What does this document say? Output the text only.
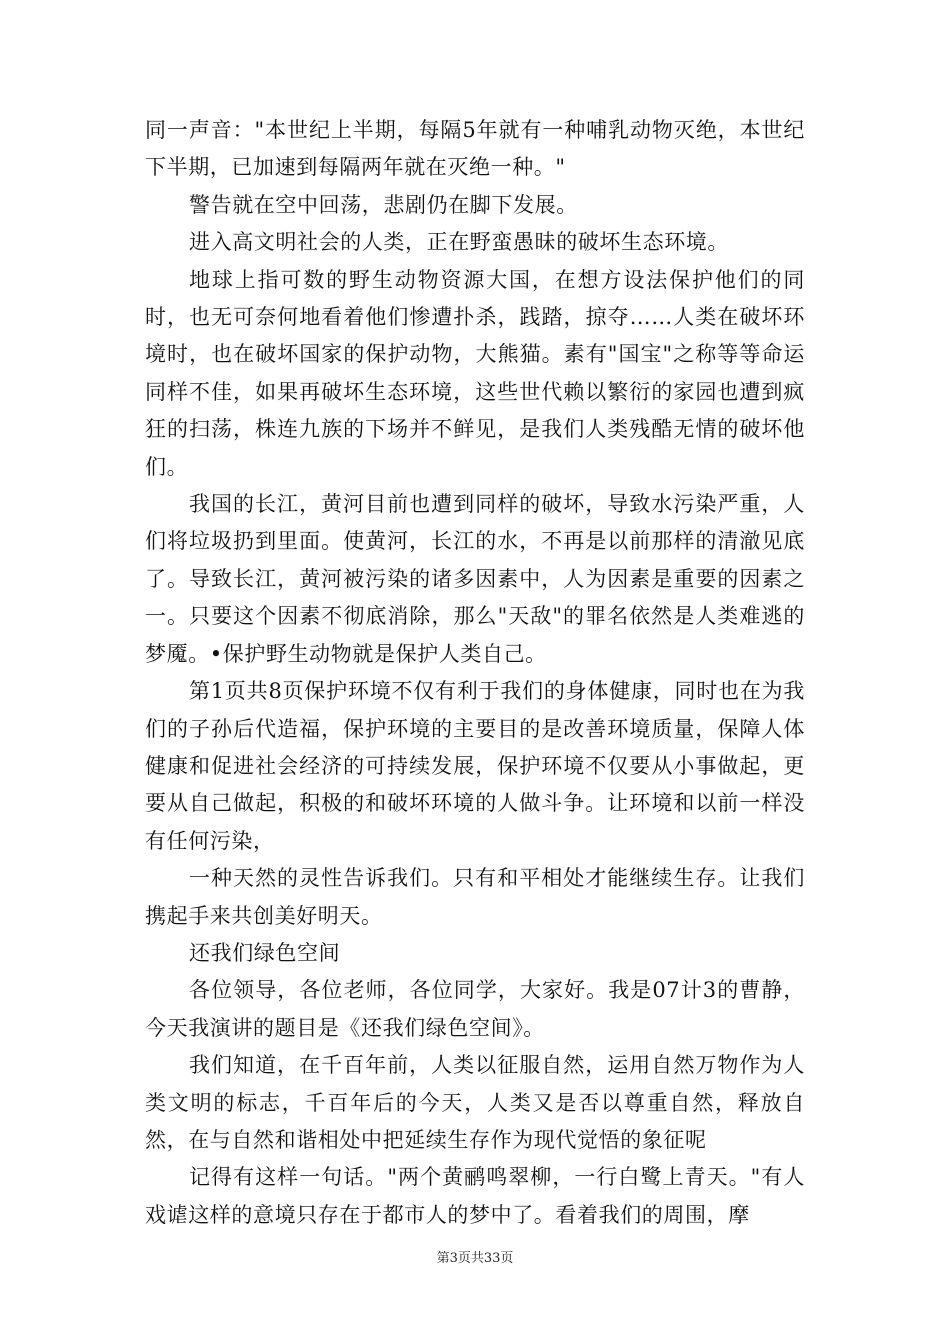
同一声音："本世纪上半期，每隔5年就有一种哺乳动物灭绝，本世纪下半期，已加速到每隔两年就在灭绝一种。"

警告就在空中回荡，悲剧仍在脚下发展。

进入高文明社会的人类，正在野蛮愚昧的破坏生态环境。

地球上指可数的野生动物资源大国，在想方设法保护他们的同时，也无可奈何地看着他们惨遭扑杀，践踏，掠夺……人类在破坏环境时，也在破坏国家的保护动物，大熊猫。素有"国宝"之称等等命运同样不佳，如果再破坏生态环境，这些世代赖以繁衍的家园也遭到疯狂的扫荡，株连九族的下场并不鲜见，是我们人类残酷无情的破坏他们。

我国的长江，黄河目前也遭到同样的破坏，导致水污染严重，人们将垃圾扔到里面。使黄河，长江的水，不再是以前那样的清澈见底了。导致长江，黄河被污染的诸多因素中，人为因素是重要的因素之一。只要这个因素不彻底消除，那么"天敌"的罪名依然是人类难逃的梦魇。•保护野生动物就是保护人类自己。

第1页共8页保护环境不仅有利于我们的身体健康，同时也在为我们的子孙后代造福，保护环境的主要目的是改善环境质量，保障人体健康和促进社会经济的可持续发展，保护环境不仅要从小事做起，更要从自己做起，积极的和破坏环境的人做斗争。让环境和以前一样没有任何污染，

一种天然的灵性告诉我们。只有和平相处才能继续生存。让我们携起手来共创美好明天。

还我们绿色空间

各位领导，各位老师，各位同学，大家好。我是07计3的曹静，今天我演讲的题目是《还我们绿色空间》。

我们知道，在千百年前，人类以征服自然，运用自然万物作为人类文明的标志，千百年后的今天，人类又是否以尊重自然，释放自然，在与自然和谐相处中把延续生存作为现代觉悟的象征呢

记得有这样一句话。"两个黄鹂鸣翠柳，一行白鹭上青天。"有人戏谑这样的意境只存在于都市人的梦中了。看着我们的周围，摩

第3页共33页
